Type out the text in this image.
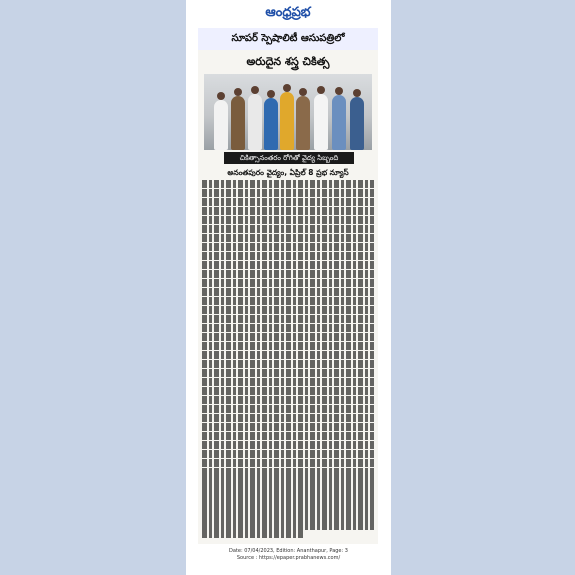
ఆంధ్రప్రభ
సూపర్ స్పెషాలిటీ ఆసుపత్రిలో
అరుదైన శస్త్ర చికిత్స
చికిత్సానంతరం రోగితో వైద్య సిబ్బంది
అనంతపురం వైద్యం, ఏప్రిల్ 8 ప్రభ న్యూస్
Date: 07/04/2023, Edition: Ananthapur, Page: 3
Source : https://epaper.prabhanews.com/
